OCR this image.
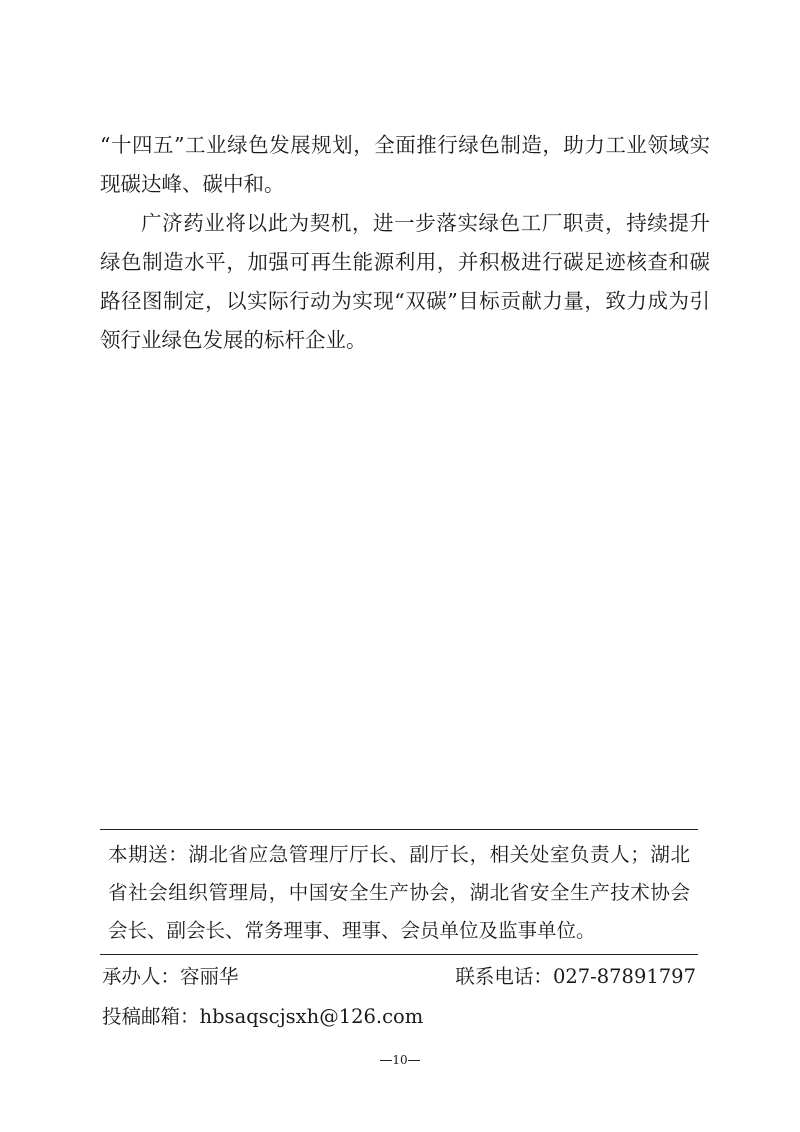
“十四五”工业绿色发展规划，全面推行绿色制造，助力工业领域实现碳达峰、碳中和。

广济药业将以此为契机，进一步落实绿色工厂职责，持续提升绿色制造水平，加强可再生能源利用，并积极进行碳足迹核查和碳路径图制定，以实际行动为实现“双碳”目标贡献力量，致力成为引领行业绿色发展的标杆企业。

本期送：湖北省应急管理厅厅长、副厅长，相关处室负责人；湖北省社会组织管理局，中国安全生产协会，湖北省安全生产技术协会会长、副会长、常务理事、理事、会员单位及监事单位。
承办人： 容丽华	联系电话： 027-87891797
投稿邮箱：hbsaqscjsxh@126.com
10
